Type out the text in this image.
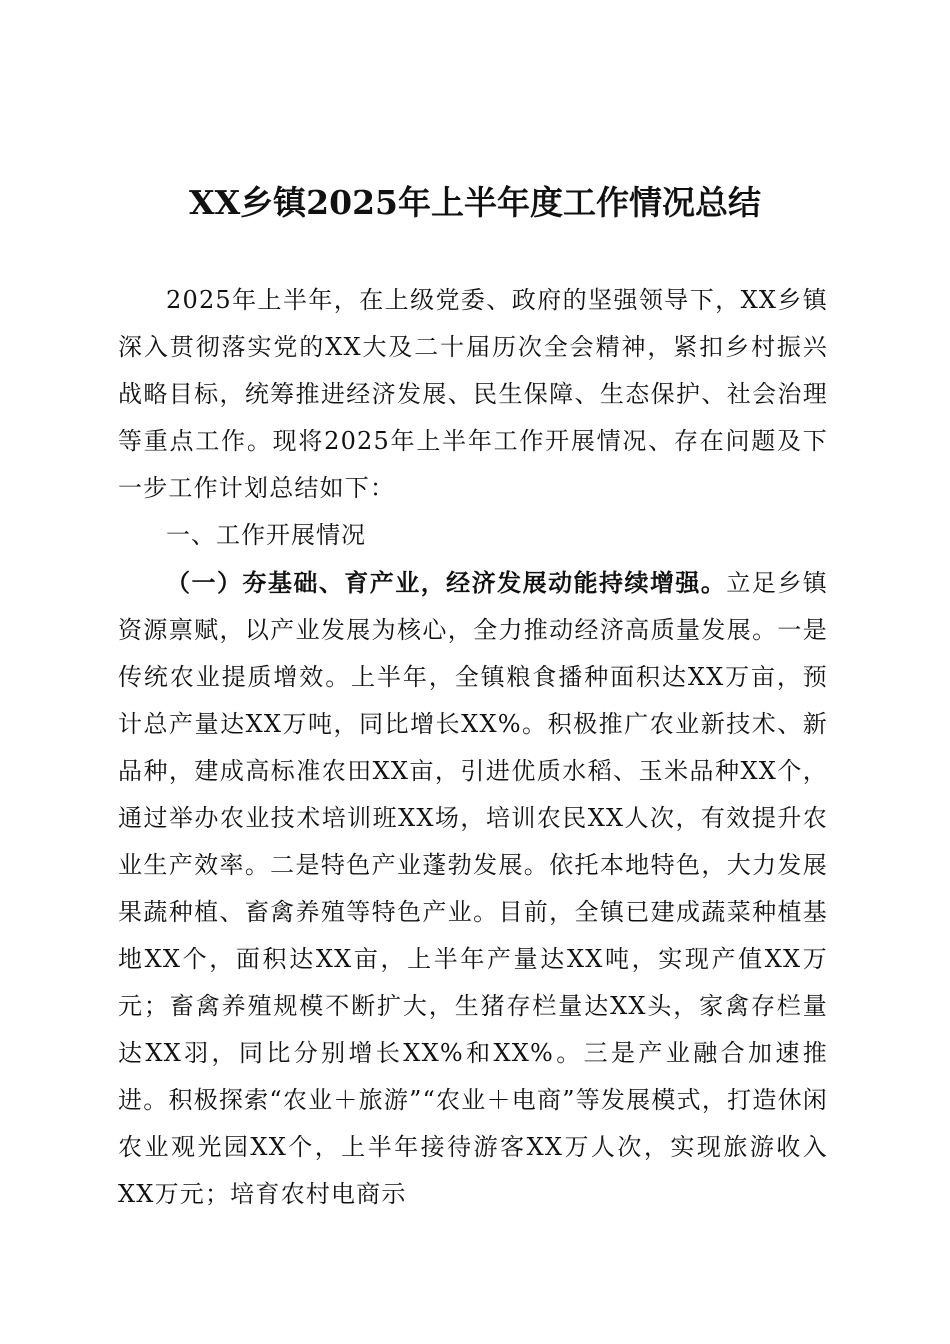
XX乡镇2025年上半年度工作情况总结

2025年上半年，在上级党委、政府的坚强领导下，XX乡镇深入贯彻落实党的XX大及二十届历次全会精神，紧扣乡村振兴战略目标，统筹推进经济发展、民生保障、生态保护、社会治理等重点工作。现将2025年上半年工作开展情况、存在问题及下一步工作计划总结如下：

一、工作开展情况

（一）夯基础、育产业，经济发展动能持续增强。立足乡镇资源禀赋，以产业发展为核心，全力推动经济高质量发展。一是传统农业提质增效。上半年，全镇粮食播种面积达XX万亩，预计总产量达XX万吨，同比增长XX%。积极推广农业新技术、新品种，建成高标准农田XX亩，引进优质水稻、玉米品种XX个，通过举办农业技术培训班XX场，培训农民XX人次，有效提升农业生产效率。二是特色产业蓬勃发展。依托本地特色，大力发展果蔬种植、畜禽养殖等特色产业。目前，全镇已建成蔬菜种植基地XX个，面积达XX亩，上半年产量达XX吨，实现产值XX万元；畜禽养殖规模不断扩大，生猪存栏量达XX头，家禽存栏量达XX羽，同比分别增长XX%和XX%。三是产业融合加速推进。积极探索“农业＋旅游”“农业＋电商”等发展模式，打造休闲农业观光园XX个，上半年接待游客XX万人次，实现旅游收入XX万元；培育农村电商示
